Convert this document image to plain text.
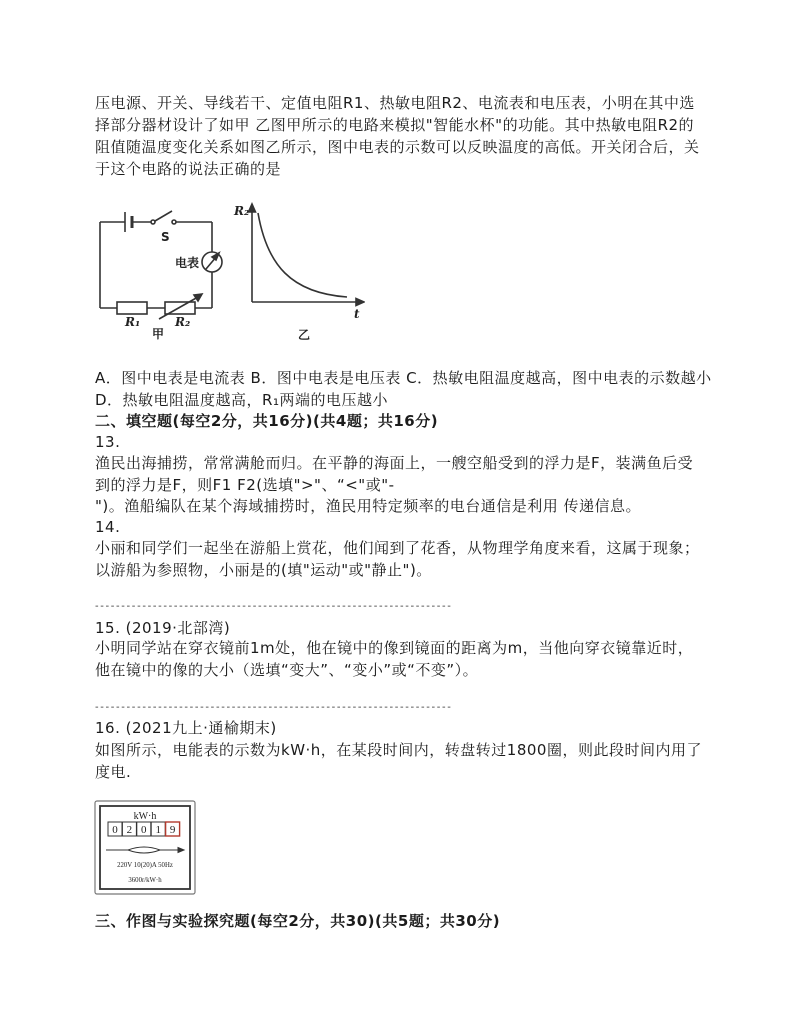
压电源、开关、导线若干、定值电阻R1、热敏电阻R2、电流表和电压表，小明在其中选
择部分器材设计了如甲 乙图甲所示的电路来模拟"智能水杯"的功能。其中热敏电阻R2的
阻值随温度变化关系如图乙所示，图中电表的示数可以反映温度的高低。开关闭合后，关
于这个电路的说法正确的是
S
电表
R₁	R₂
甲
R₂
t
乙
A．图中电表是电流表 B．图中电表是电压表 C．热敏电阻温度越高，图中电表的示数越小
D．热敏电阻温度越高，R₁两端的电压越小
二、填空题(每空2分，共16分)(共4题；共16分)
13.
渔民出海捕捞，常常满舱而归。在平静的海面上，一艘空船受到的浮力是F，装满鱼后受
到的浮力是F，则F1 F2(选填">"、“<"或"-
")。渔船编队在某个海域捕捞时，渔民用特定频率的电台通信是利用 传递信息。
14.
小丽和同学们一起坐在游船上赏花，他们闻到了花香，从物理学角度来看，这属于现象；
以游船为参照物，小丽是的(填"运动"或"静止")。
--------------------------------------------------------------------
15. (2019·北部湾)
小明同学站在穿衣镜前1m处，他在镜中的像到镜面的距离为m，当他向穿衣镜靠近时，
他在镜中的像的大小（选填“变大”、“变小”或“不变”）。
--------------------------------------------------------------------
16. (2021九上·通榆期末)
如图所示，电能表的示数为kW·h，在某段时间内，转盘转过1800圈，则此段时间内用了
度电.
kW·h
0 2 0 1 9
220V 10(20)A 50Hz
3600r/kW·h
三、作图与实验探究题(每空2分，共30)(共5题；共30分)
